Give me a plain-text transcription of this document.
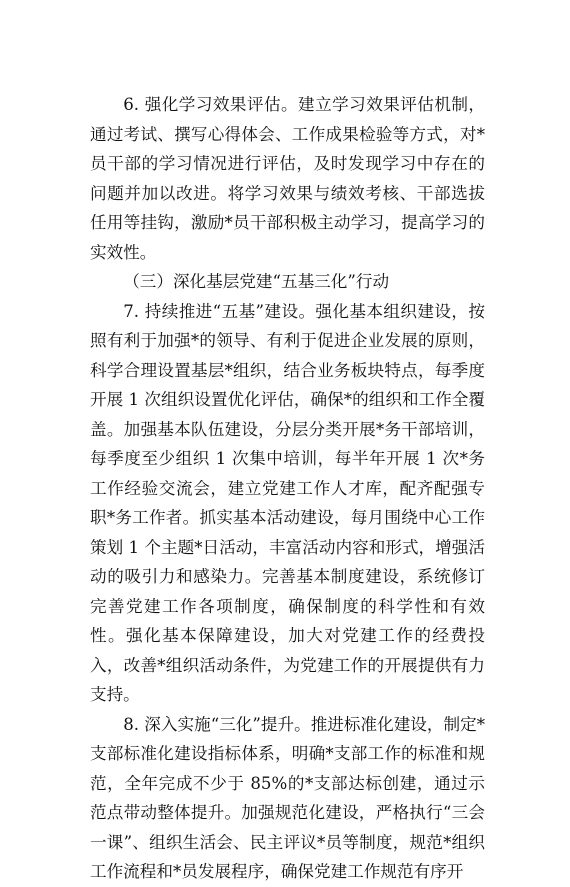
6. 强化学习效果评估。建立学习效果评估机制，通过考试、撰写心得体会、工作成果检验等方式，对*员干部的学习情况进行评估，及时发现学习中存在的问题并加以改进。将学习效果与绩效考核、干部选拔任用等挂钩，激励*员干部积极主动学习，提高学习的实效性。

（三）深化基层党建“五基三化”行动

7. 持续推进“五基”建设。强化基本组织建设，按照有利于加强*的领导、有利于促进企业发展的原则，科学合理设置基层*组织，结合业务板块特点，每季度开展 1 次组织设置优化评估，确保*的组织和工作全覆盖。加强基本队伍建设，分层分类开展*务干部培训，每季度至少组织 1 次集中培训，每半年开展 1 次*务工作经验交流会，建立党建工作人才库，配齐配强专职*务工作者。抓实基本活动建设，每月围绕中心工作策划 1 个主题*日活动，丰富活动内容和形式，增强活动的吸引力和感染力。完善基本制度建设，系统修订完善党建工作各项制度，确保制度的科学性和有效性。强化基本保障建设，加大对党建工作的经费投入，改善*组织活动条件，为党建工作的开展提供有力支持。

8. 深入实施“三化”提升。推进标准化建设，制定*支部标准化建设指标体系，明确*支部工作的标准和规范，全年完成不少于 85%的*支部达标创建，通过示范点带动整体提升。加强规范化建设，严格执行“三会一课”、组织生活会、民主评议*员等制度，规范*组织工作流程和*员发展程序，确保党建工作规范有序开
